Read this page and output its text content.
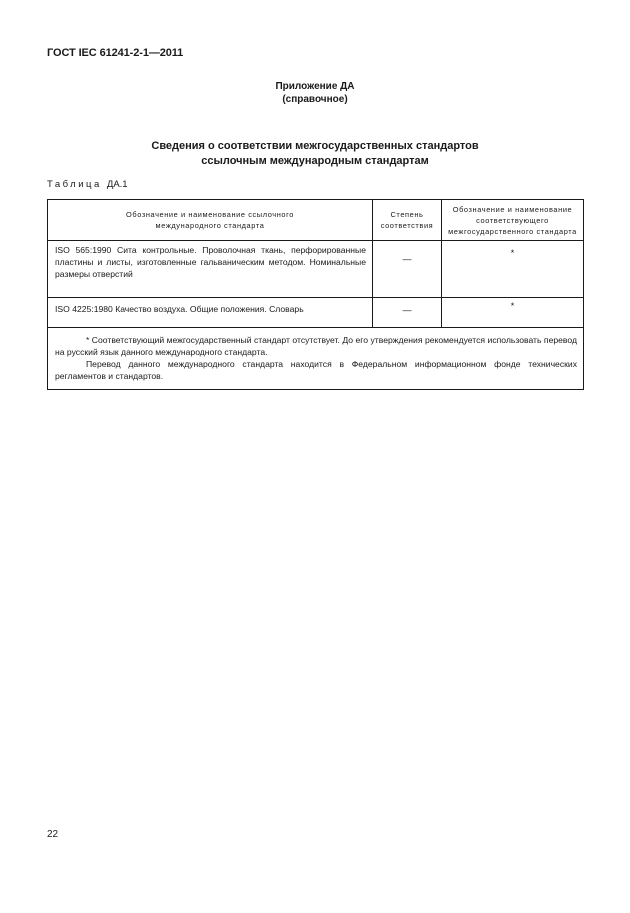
ГОСТ IEC 61241-2-1—2011
Приложение ДА
(справочное)
Сведения о соответствии межгосударственных стандартов
ссылочным международным стандартам
Таблица ДА.1
Обозначение и наименование ссылочного международного стандарта	Степень соответствия	Обозначение и наименование соответствующего межгосударственного стандарта

ISO 565:1990 Сита контрольные. Проволочная ткань, перфорированные пластины и листы, изготовленные гальваническим методом. Номинальные размеры отверстий	—	*
ISO 4225:1980 Качество воздуха. Общие положения. Словарь	—	*

* Соответствующий межгосударственный стандарт отсутствует. До его утверждения рекомендуется использовать перевод на русский язык данного международного стандарта.

Перевод данного международного стандарта находится в Федеральном информационном фонде технических регламентов и стандартов.		

22
